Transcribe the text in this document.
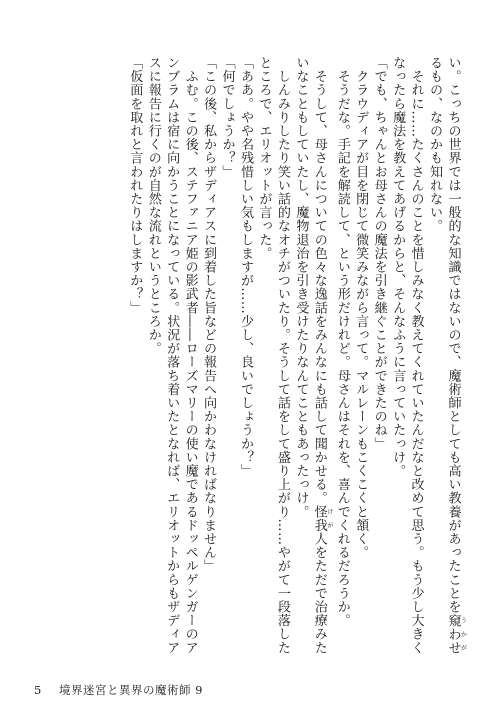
い。こっちの世界では一般的な知識ではないので、魔術師としても高い教養があったことを窺わせ うかが
るもの、なのかも知れない。
　それに……たくさんのことを惜しみなく教えてくれていたんだなと改めて思う。もう少し大きく
なったら魔法を教えてあげるからと、そんなふうに言っていたっけ。
「でも、ちゃんとお母さんの魔法を引き継ぐことができたのね」
　クラウディアが目を閉じて微笑みながら言って。マルレーンもこくこくと頷く。
　そうだな。手記を解読して、という形だけれど。母さんはそれを、喜んでくれるだろうか。
　そうして、母さんについての色々な逸話をみんなにも話して聞かせる。怪我 けが人をただで治療みた
いなこともしていたし、魔物退治を引き受けたりなんてこともあったっけ。
　しんみりしたり笑い話的なオチがついたり。そうして話をして盛り上がり……やがて一段落した
ところで、エリオットが言った。
「ああ。やや名残惜しい気もしますが……少し、良いでしょうか？」
「何でしょうか？」
「この後、私からザディアスに到着した旨などの報告へ向かわなければなりません」
　ふむ。この後、ステファニア姫の影武者――ローズマリーの使い魔であるドッペルゲンガーのア
ンブラムは宿に向かうことになっている。状況が落ち着いたとなれば、エリオットからもザディア
スに報告に行くのが自然な流れというところか。
「仮面を取れと言われたりはしますか？」
5 境界迷宮と異界の魔術師 9
